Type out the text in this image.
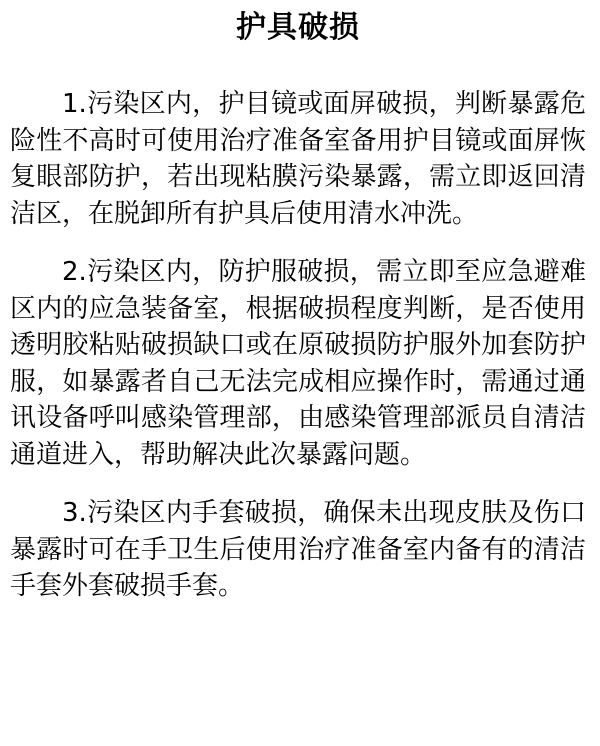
护具破损

1.污染区内，护目镜或面屏破损，判断暴露危险性不高时可使用治疗准备室备用护目镜或面屏恢复眼部防护，若出现粘膜污染暴露，需立即返回清洁区，在脱卸所有护具后使用清水冲洗。

2.污染区内，防护服破损，需立即至应急避难区内的应急装备室，根据破损程度判断，是否使用透明胶粘贴破损缺口或在原破损防护服外加套防护服，如暴露者自己无法完成相应操作时，需通过通讯设备呼叫感染管理部，由感染管理部派员自清洁通道进入，帮助解决此次暴露问题。

3.污染区内手套破损，确保未出现皮肤及伤口暴露时可在手卫生后使用治疗准备室内备有的清洁手套外套破损手套。
